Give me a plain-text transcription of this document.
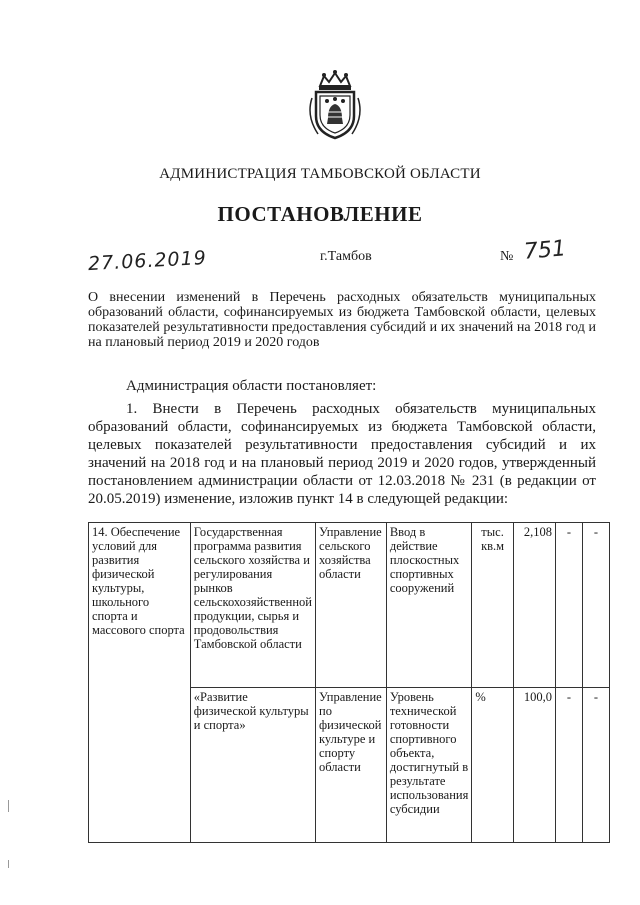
АДМИНИСТРАЦИЯ ТАМБОВСКОЙ ОБЛАСТИ
ПОСТАНОВЛЕНИЕ
27.06.2019	г.Тамбов	№ 751
О внесении изменений в Перечень расходных обязательств муниципальных образований области, софинансируемых из бюджета Тамбовской области, целевых показателей результативности предоставления субсидий и их значений на 2018 год и на плановый период 2019 и 2020 годов
Администрация области постановляет:
1. Внести в Перечень расходных обязательств муниципальных образований области, софинансируемых из бюджета Тамбовской области, целевых показателей результативности предоставления субсидий и их значений на 2018 год и на плановый период 2019 и 2020 годов, утвержденный постановлением администрации области от 12.03.2018 № 231 (в редакции от 20.05.2019) изменение, изложив пункт 14 в следующей редакции:
14. Обеспечение условий для развития физической культуры, школьного спорта и массового спорта	Государственная программа развития сельского хозяйства и регулирования рынков сельскохозяйственной продукции, сырья и продовольствия Тамбовской области	Управление сельского хозяйства области	Ввод в действие плоскостных спортивных сооружений	тыс. кв.м	2,108	-	-
	«Развитие физической культуры и спорта»	Управление по физической культуре и спорту области	Уровень технической готовности спортивного объекта, достигнутый в результате использования субсидии	%	100,0	-	-
